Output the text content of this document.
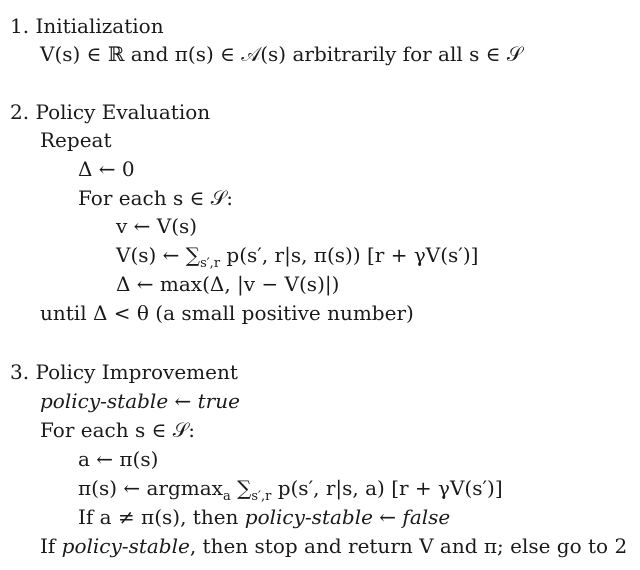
1. Initialization
V(s) ∈ ℝ and π(s) ∈ 𝒜(s) arbitrarily for all s ∈ 𝒮
2. Policy Evaluation
Repeat
Δ ← 0
For each s ∈ 𝒮:
v ← V(s)
V(s) ← $\sum_{s',r}$ p(s′, r|s, π(s)) [r + γV(s′)]
Δ ← max(Δ, |v − V(s)|)
until Δ < θ (a small positive number)
3. Policy Improvement
policy-stable ← true
For each s ∈ 𝒮:
a ← π(s)
π(s) ← argmax$_a$ $\sum_{s',r}$ p(s′, r|s, a) [r + γV(s′)]
If a ≠ π(s), then policy-stable ← false
If policy-stable, then stop and return V and π; else go to 2
